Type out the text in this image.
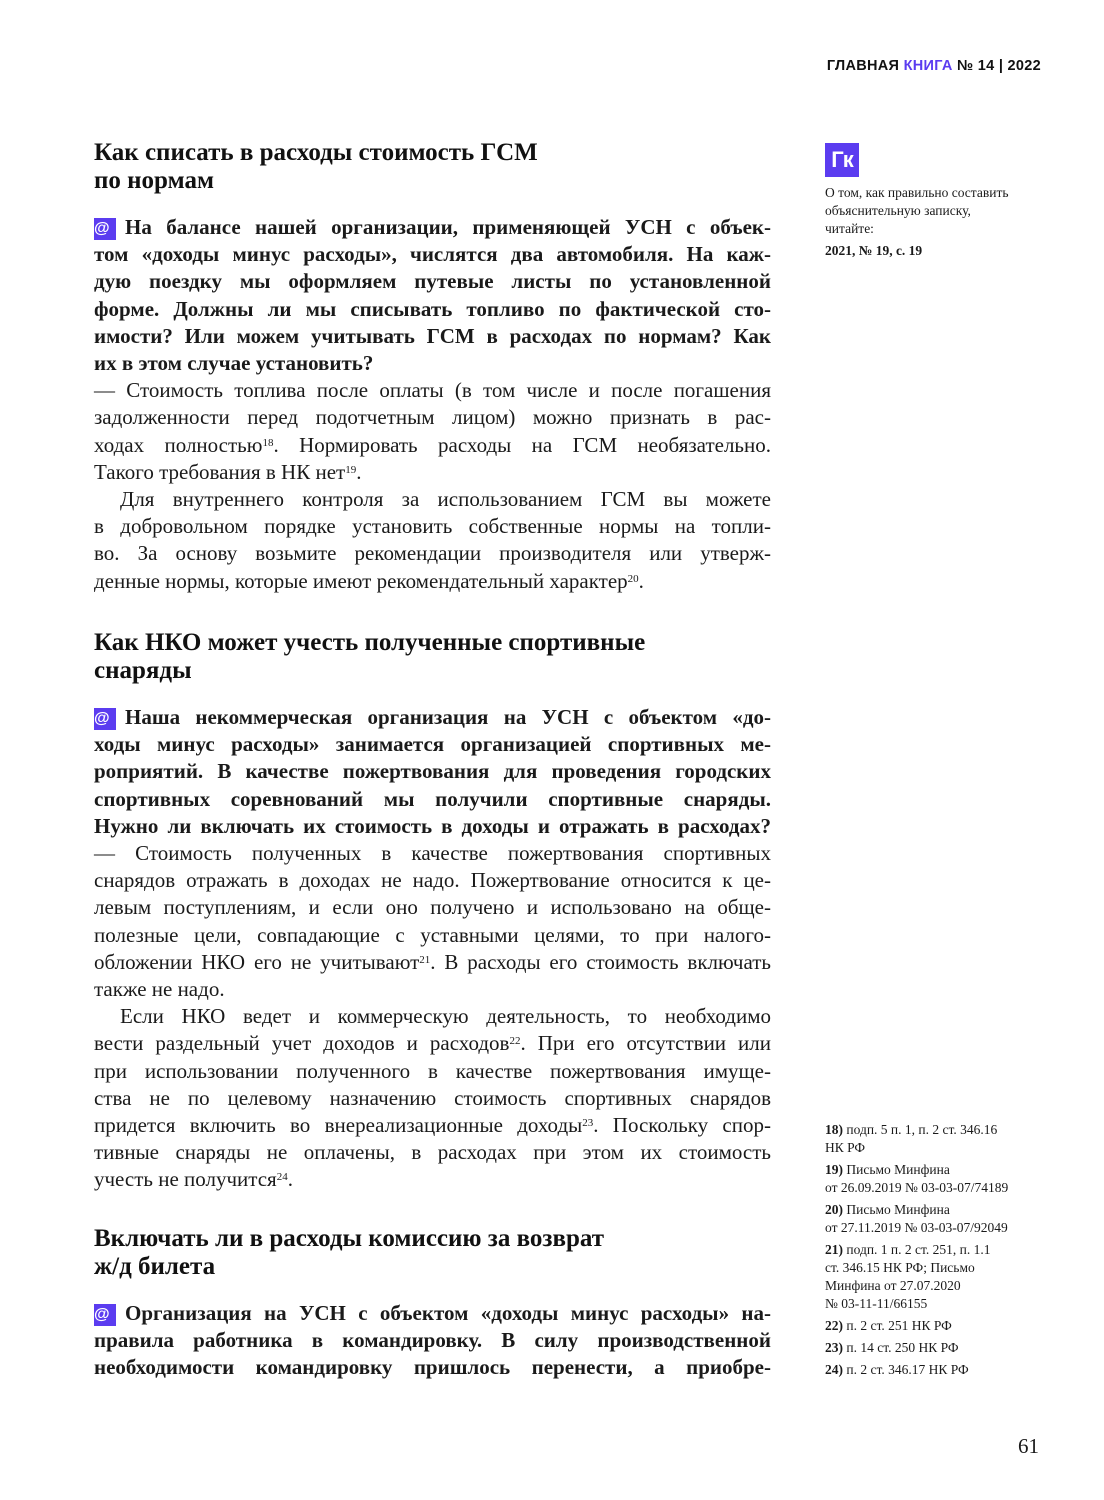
ГЛАВНАЯ КНИГА № 14 | 2022
Как списать в расходы стоимость ГСМ
по нормам
@ На балансе нашей организации, применяющей УСН с объек-
том «доходы минус расходы», числятся два автомобиля. На каж-
дую поездку мы оформляем путевые листы по установленной
форме. Должны ли мы списывать топливо по фактической сто-
имости? Или можем учитывать ГСМ в расходах по нормам? Как
их в этом случае установить?
— Стоимость топлива после оплаты (в том числе и после погашения
задолженности перед подотчетным лицом) можно признать в рас-
ходах полностью$^{18}$. Нормировать расходы на ГСМ необязательно.
Такого требования в НК нет$^{19}$.
Для внутреннего контроля за использованием ГСМ вы можете
в добровольном порядке установить собственные нормы на топли-
во. За основу возьмите рекомендации производителя или утверж-
денные нормы, которые имеют рекомендательный характер$^{20}$.
Как НКО может учесть полученные спортивные
снаряды
@ Наша некоммерческая организация на УСН с объектом «до-
ходы минус расходы» занимается организацией спортивных ме-
роприятий. В качестве пожертвования для проведения городских
спортивных соревнований мы получили спортивные снаряды.
Нужно ли включать их стоимость в доходы и отражать в расходах?
— Стоимость полученных в качестве пожертвования спортивных
снарядов отражать в доходах не надо. Пожертвование относится к це-
левым поступлениям, и если оно получено и использовано на обще-
полезные цели, совпадающие с уставными целями, то при налого-
обложении НКО его не учитывают$^{21}$. В расходы его стоимость включать
также не надо.
Если НКО ведет и коммерческую деятельность, то необходимо
вести раздельный учет доходов и расходов$^{22}$. При его отсутствии или
при использовании полученного в качестве пожертвования имуще-
ства не по целевому назначению стоимость спортивных снарядов
придется включить во внереализационные доходы$^{23}$. Поскольку спор-
тивные снаряды не оплачены, в расходах при этом их стоимость
учесть не получится$^{24}$.
Включать ли в расходы комиссию за возврат
ж/д билета
@ Организация на УСН с объектом «доходы минус расходы» на-
правила работника в командировку. В силу производственной
необходимости командировку пришлось перенести, а приобре-
Гк
О том, как правильно составить
объяснительную записку,
читайте:
2021, № 19, с. 19
18) подп. 5 п. 1, п. 2 ст. 346.16
НК РФ
19) Письмо Минфина
от 26.09.2019 № 03-03-07/74189
20) Письмо Минфина
от 27.11.2019 № 03-03-07/92049
21) подп. 1 п. 2 ст. 251, п. 1.1
ст. 346.15 НК РФ; Письмо
Минфина от 27.07.2020
№ 03-11-11/66155
22) п. 2 ст. 251 НК РФ
23) п. 14 ст. 250 НК РФ
24) п. 2 ст. 346.17 НК РФ
61
